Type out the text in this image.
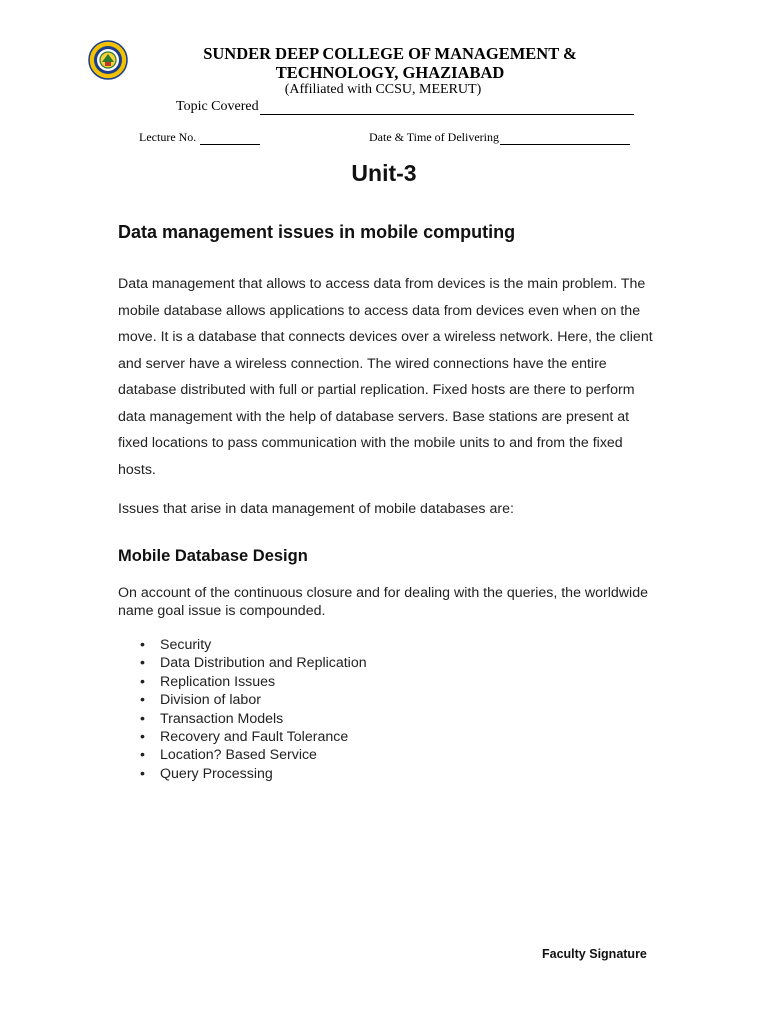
SUNDER DEEP COLLEGE OF MANAGEMENT & TECHNOLOGY, GHAZIABAD
(Affiliated with CCSU, MEERUT)
Topic Covered
Lecture No.	Date & Time of Delivering
Unit-3
Data management issues in mobile computing
Data management that allows to access data from devices is the main problem. The mobile database allows applications to access data from devices even when on the move. It is a database that connects devices over a wireless network. Here, the client and server have a wireless connection. The wired connections have the entire database distributed with full or partial replication. Fixed hosts are there to perform data management with the help of database servers. Base stations are present at fixed locations to pass communication with the mobile units to and from the fixed hosts.
Issues that arise in data management of mobile databases are:
Mobile Database Design
On account of the continuous closure and for dealing with the queries, the worldwide name goal issue is compounded.
• Security
• Data Distribution and Replication
• Replication Issues
• Division of labor
• Transaction Models
• Recovery and Fault Tolerance
• Location? Based Service
• Query Processing
Faculty Signature
